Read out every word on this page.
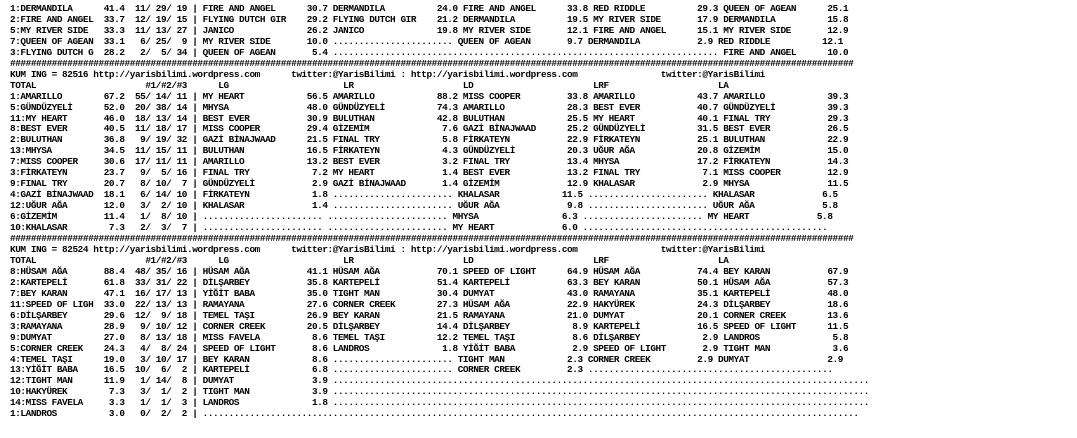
1:DERMANDILA      41.4  11/ 29/ 19 | FIRE AND ANGEL      30.7 DERMANDILA          24.0 FIRE AND ANGEL      33.8 RED RIDDLE          29.3 QUEEN OF AGEAN      25.1
2:FIRE AND ANGEL  33.7  12/ 19/ 15 | FLYING DUTCH GIR    29.2 FLYING DUTCH GIR    21.2 DERMANDILA          19.5 MY RIVER SIDE       17.9 DERMANDILA          15.8
5:MY RIVER SIDE   33.3  11/ 13/ 27 | JANICO              26.2 JANICO              19.8 MY RIVER SIDE       12.1 FIRE AND ANGEL      15.1 MY RIVER SIDE       12.9
7:QUEEN OF AGEAN  33.1   6/ 25/  9 | MY RIVER SIDE       10.0 ....................... QUEEN OF AGEAN       9.7 DERMANDILA           2.9 RED RIDDLE          12.1
3:FLYING DUTCH G  28.2   2/  5/ 34 | QUEEN OF AGEAN       5.4 .......................................................................... FIRE AND ANGEL      10.0
##################################################################################################################################################################
KUM ING = 82516 http://yarisbilimi.wordpress.com      twitter:@YarisBilimi : http://yarisbilimi.wordpress.com                twitter:@YarisBilimi
TOTAL                     #1/#2/#3      LG                      LR                     LD                       LRF                     LA
1:AMARILLO        67.2  55/ 14/ 11 | MY HEART            56.5 AMARILLO            88.2 MISS COOPER         33.8 AMARILLO            43.7 AMARILLO            39.3
5:GÜNDÜZYELİ      52.0  20/ 38/ 14 | MHYSA               48.0 GÜNDÜZYELİ          74.3 AMARILLO            28.3 BEST EVER           40.7 GÜNDÜZYELİ          39.3
11:MY HEART       46.0  18/ 13/ 14 | BEST EVER           30.9 BULUTHAN            42.8 BULUTHAN            25.5 MY HEART            40.1 FINAL TRY           29.3
8:BEST EVER       40.5  11/ 18/ 17 | MISS COOPER         29.4 GİZEMİM              7.6 GAZİ BİNAJWAAD      25.2 GÜNDÜZYELİ          31.5 BEST EVER           26.5
2:BULUTHAN        36.8   9/ 19/ 32 | GAZİ BİNAJWAAD      21.5 FINAL TRY            5.8 FİRKATEYN           22.9 FİRKATEYN           25.1 BULUTHAN            22.9
13:MHYSA          34.5  11/ 15/ 11 | BULUTHAN            16.5 FİRKATEYN            4.3 GÜNDÜZYELİ          20.3 UĞUR AĞA            20.8 GİZEMİM             15.0
7:MISS COOPER     30.6  17/ 11/ 11 | AMARILLO            13.2 BEST EVER            3.2 FINAL TRY           13.4 MHYSA               17.2 FİRKATEYN           14.3
3:FİRKATEYN       23.7   9/  5/ 16 | FINAL TRY            7.2 MY HEART             1.4 BEST EVER           13.2 FINAL TRY            7.1 MISS COOPER         12.9
9:FINAL TRY       20.7   8/ 10/  7 | GÜNDÜZYELİ           2.9 GAZİ BİNAJWAAD       1.4 GİZEMİM             12.9 KHALASAR             2.9 MHYSA               11.5
4:GAZİ BİNAJWAAD  18.1   6/ 14/ 10 | FİRKATEYN            1.8 ....................... KHALASAR            11.5 ....................... KHALASAR             6.5
12:UĞUR AĞA       12.0   3/  2/ 10 | KHALASAR             1.4 ....................... UĞUR AĞA             9.8 ....................... UĞUR AĞA             5.8
6:GİZEMİM         11.4   1/  8/ 10 | ....................... ....................... MHYSA                6.3 ....................... MY HEART             5.8
10:KHALASAR        7.3   2/  3/  7 | ....................... ....................... MY HEART             6.0 ...............................................
##################################################################################################################################################################
KUM ING = 82524 http://yarisbilimi.wordpress.com      twitter:@YarisBilimi : http://yarisbilimi.wordpress.com                twitter:@YarisBilimi
TOTAL                     #1/#2/#3      LG                      LR                     LD                       LRF                     LA
8:HÜSAM AĞA       88.4  48/ 35/ 16 | HÜSAM AĞA           41.1 HÜSAM AĞA           70.1 SPEED OF LIGHT      64.9 HÜSAM AĞA           74.4 BEY KARAN           67.9
2:KARTEPELİ       61.8  33/ 31/ 22 | DİLŞARBEY           35.8 KARTEPELİ           51.4 KARTEPELİ           63.3 BEY KARAN           50.1 HÜSAM AĞA           57.3
7:BEY KARAN       47.1  16/ 17/ 13 | YİĞİT BABA          35.0 TIGHT MAN           30.4 DUMYAT              43.0 RAMAYANA            35.1 KARTEPELİ           48.0
11:SPEED OF LIGH  33.0  22/ 13/ 13 | RAMAYANA            27.6 CORNER CREEK        27.3 HÜSAM AĞA           22.9 HAKYÜREK            24.3 DİLŞARBEY           18.6
6:DİLŞARBEY       29.6  12/  9/ 18 | TEMEL TAŞI          26.9 BEY KARAN           21.5 RAMAYANA            21.0 DUMYAT              20.1 CORNER CREEK        13.6
3:RAMAYANA        28.9   9/ 10/ 12 | CORNER CREEK        20.5 DİLŞARBEY           14.4 DİLŞARBEY            8.9 KARTEPELİ           16.5 SPEED OF LIGHT      11.5
9:DUMYAT          27.0   8/ 13/ 18 | MISS FAVELA          8.6 TEMEL TAŞI          12.2 TEMEL TAŞI           8.6 DİLŞARBEY            2.9 LANDROS              5.8
5:CORNER CREEK    24.3   4/  8/ 24 | SPEED OF LIGHT       8.6 LANDROS              1.8 YİĞİT BABA           2.9 SPEED OF LIGHT       2.9 TIGHT MAN            3.6
4:TEMEL TAŞI      19.0   3/ 10/ 17 | BEY KARAN            8.6 ....................... TIGHT MAN            2.3 CORNER CREEK         2.9 DUMYAT               2.9
13:YİĞİT BABA     16.5  10/  6/  2 | KARTEPELİ            6.8 ....................... CORNER CREEK         2.3 ...............................................
12:TIGHT MAN      11.9   1/ 14/  8 | DUMYAT               3.9 .......................................................................................................
10:HAKYÜREK        7.3   3/  1/  2 | TIGHT MAN            3.9 .......................................................................................................
14:MISS FAVELA     3.3   1/  1/  3 | LANDROS              1.8 .......................................................................................................
1:LANDROS          3.0   0/  2/  2 | ..............................................................................................................................
